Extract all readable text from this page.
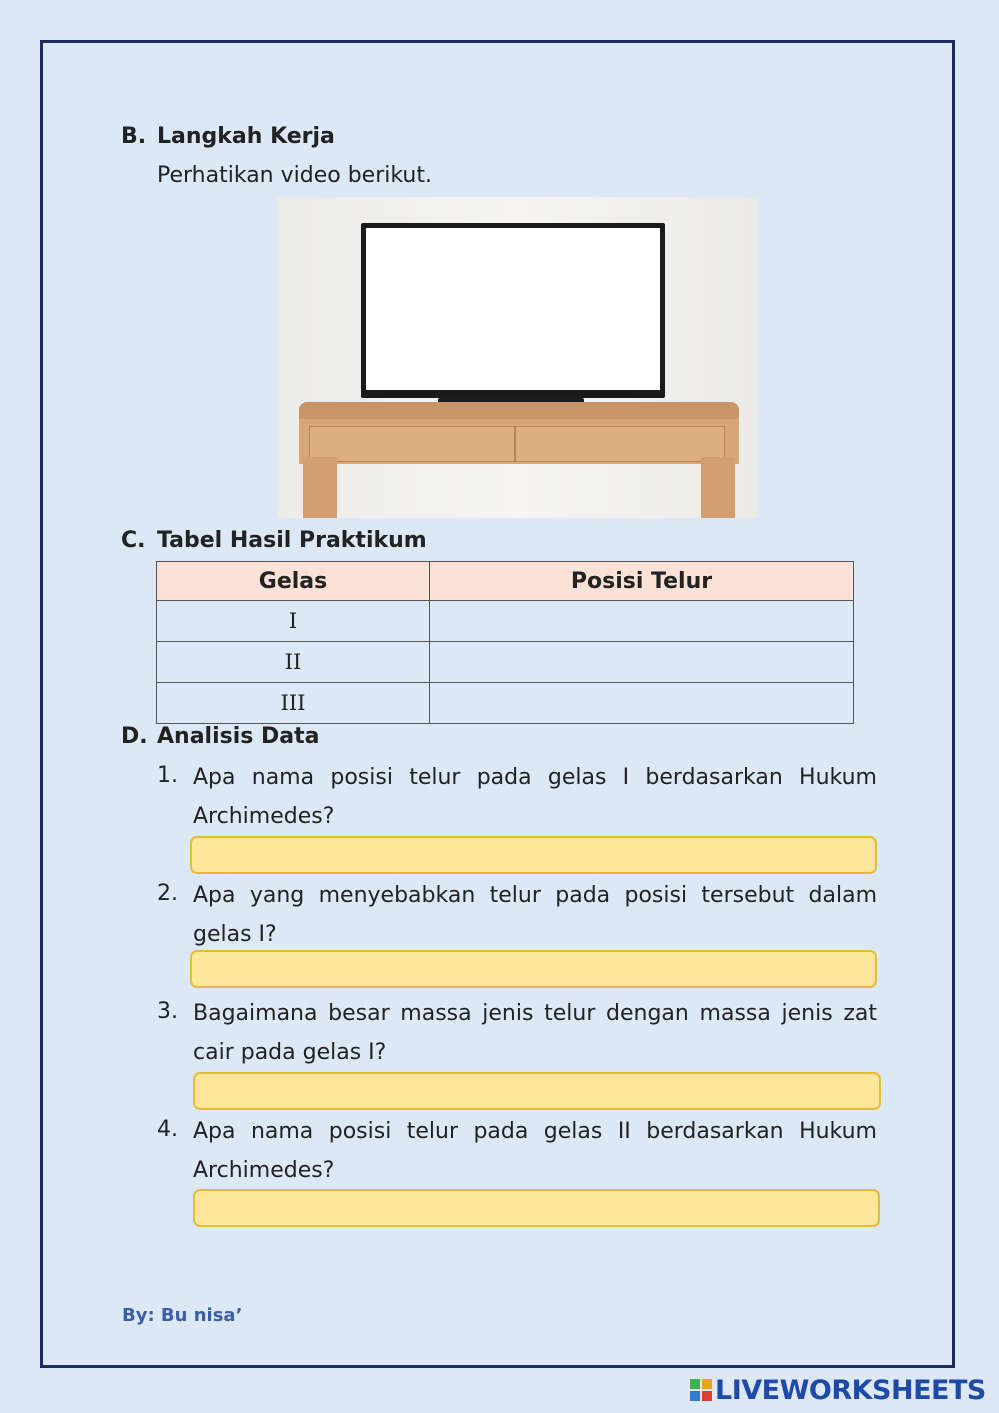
B. Langkah Kerja
Perhatikan video berikut.
C. Tabel Hasil Praktikum
Gelas	Posisi Telur
I	
II	
III	
D. Analisis Data
1. Apa nama posisi telur pada gelas I berdasarkan Hukum Archimedes?
2. Apa yang menyebabkan telur pada posisi tersebut dalam gelas I?
3. Bagaimana besar massa jenis telur dengan massa jenis zat cair pada gelas I?
4. Apa nama posisi telur pada gelas II berdasarkan Hukum Archimedes?
By: Bu nisa’
LIVEWORKSHEETS
